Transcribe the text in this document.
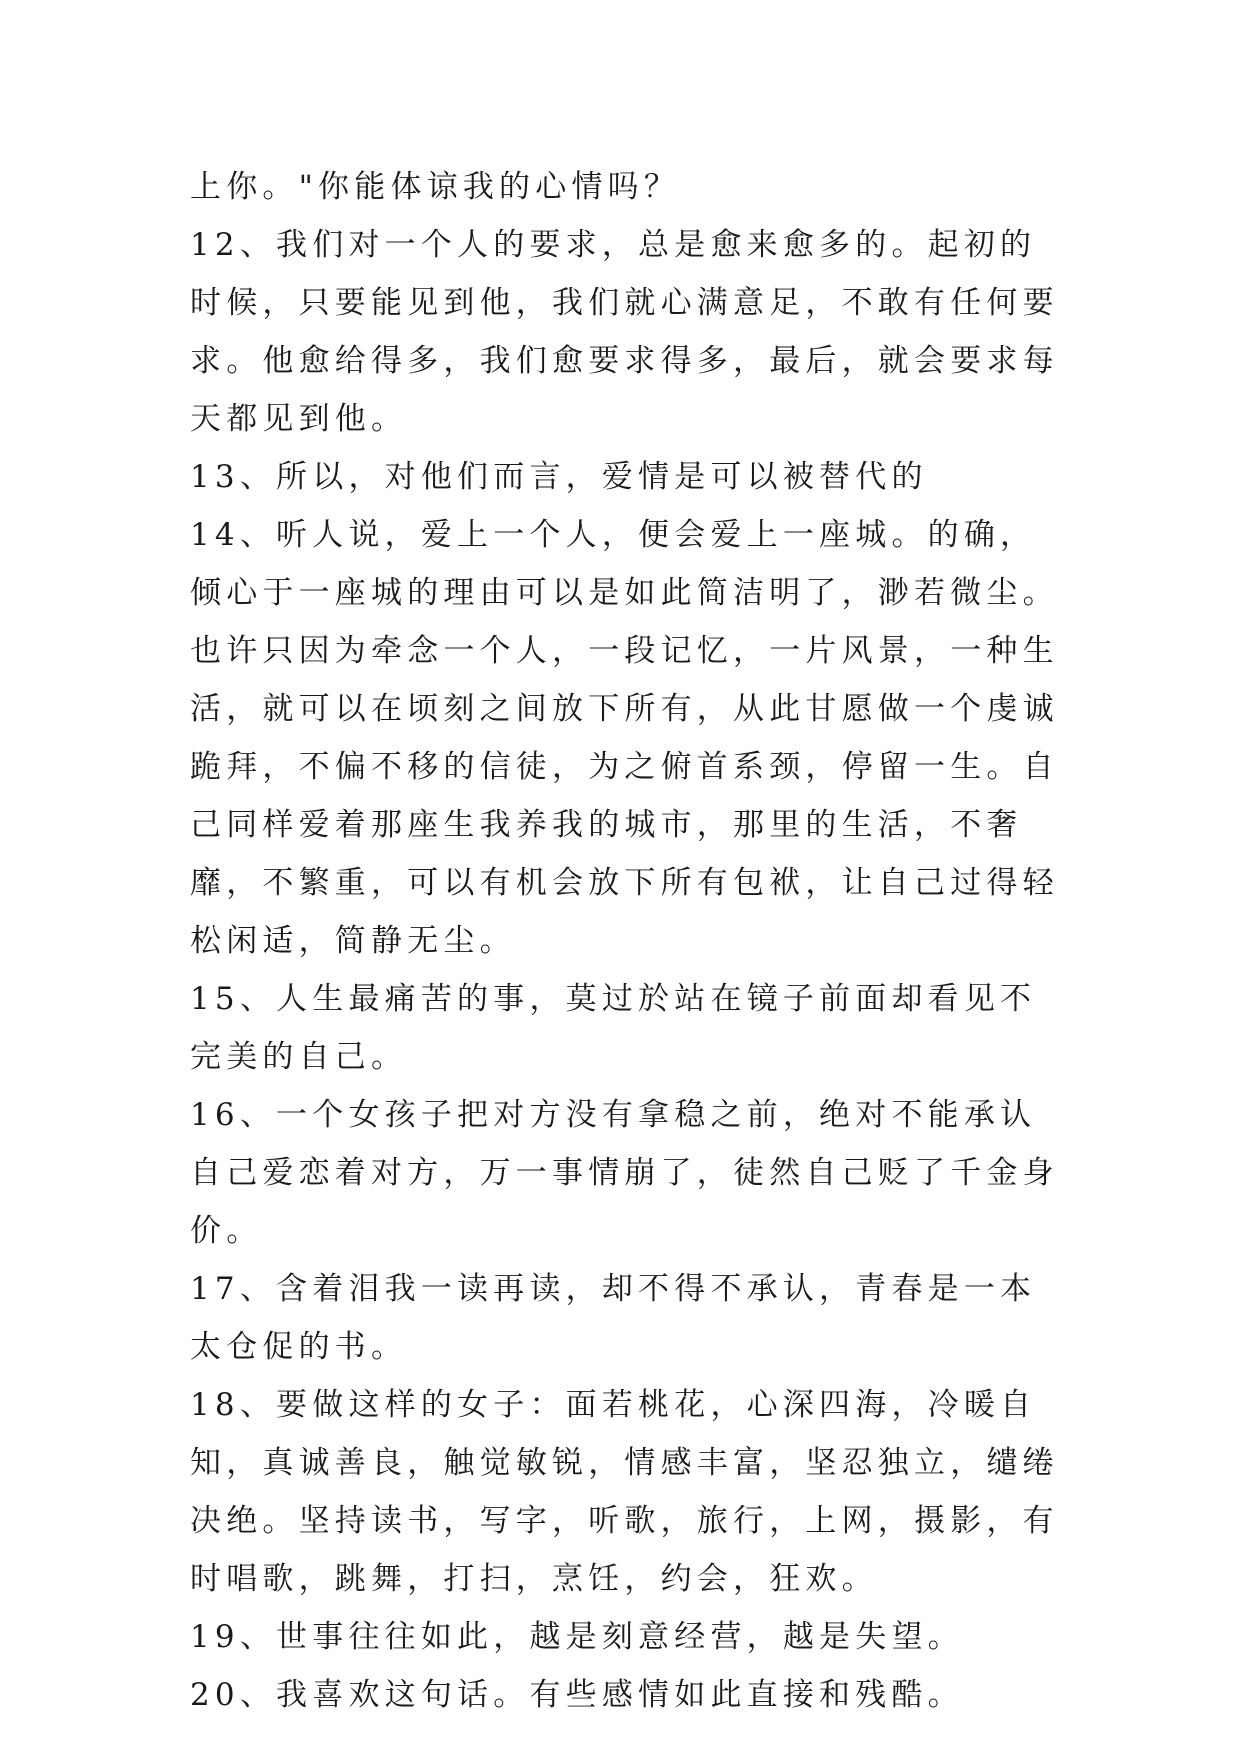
上你。"你能体谅我的心情吗？

12、我们对一个人的要求，总是愈来愈多的。起初的时候，只要能见到他，我们就心满意足，不敢有任何要求。他愈给得多，我们愈要求得多，最后，就会要求每天都见到他。

13、所以，对他们而言，爱情是可以被替代的

14、听人说，爱上一个人，便会爱上一座城。的确，倾心于一座城的理由可以是如此简洁明了，渺若微尘。也许只因为牵念一个人，一段记忆，一片风景，一种生活，就可以在顷刻之间放下所有，从此甘愿做一个虔诚跪拜，不偏不移的信徒，为之俯首系颈，停留一生。自己同样爱着那座生我养我的城市，那里的生活，不奢靡，不繁重，可以有机会放下所有包袱，让自己过得轻松闲适，简静无尘。

15、人生最痛苦的事，莫过於站在镜子前面却看见不完美的自己。

16、一个女孩子把对方没有拿稳之前，绝对不能承认自己爱恋着对方，万一事情崩了，徒然自己贬了千金身价。

17、含着泪我一读再读，却不得不承认，青春是一本太仓促的书。

18、要做这样的女子：面若桃花，心深四海，冷暖自知，真诚善良，触觉敏锐，情感丰富，坚忍独立，缱绻决绝。坚持读书，写字，听歌，旅行，上网，摄影，有时唱歌，跳舞，打扫，烹饪，约会，狂欢。

19、世事往往如此，越是刻意经营，越是失望。

20、我喜欢这句话。有些感情如此直接和残酷。
